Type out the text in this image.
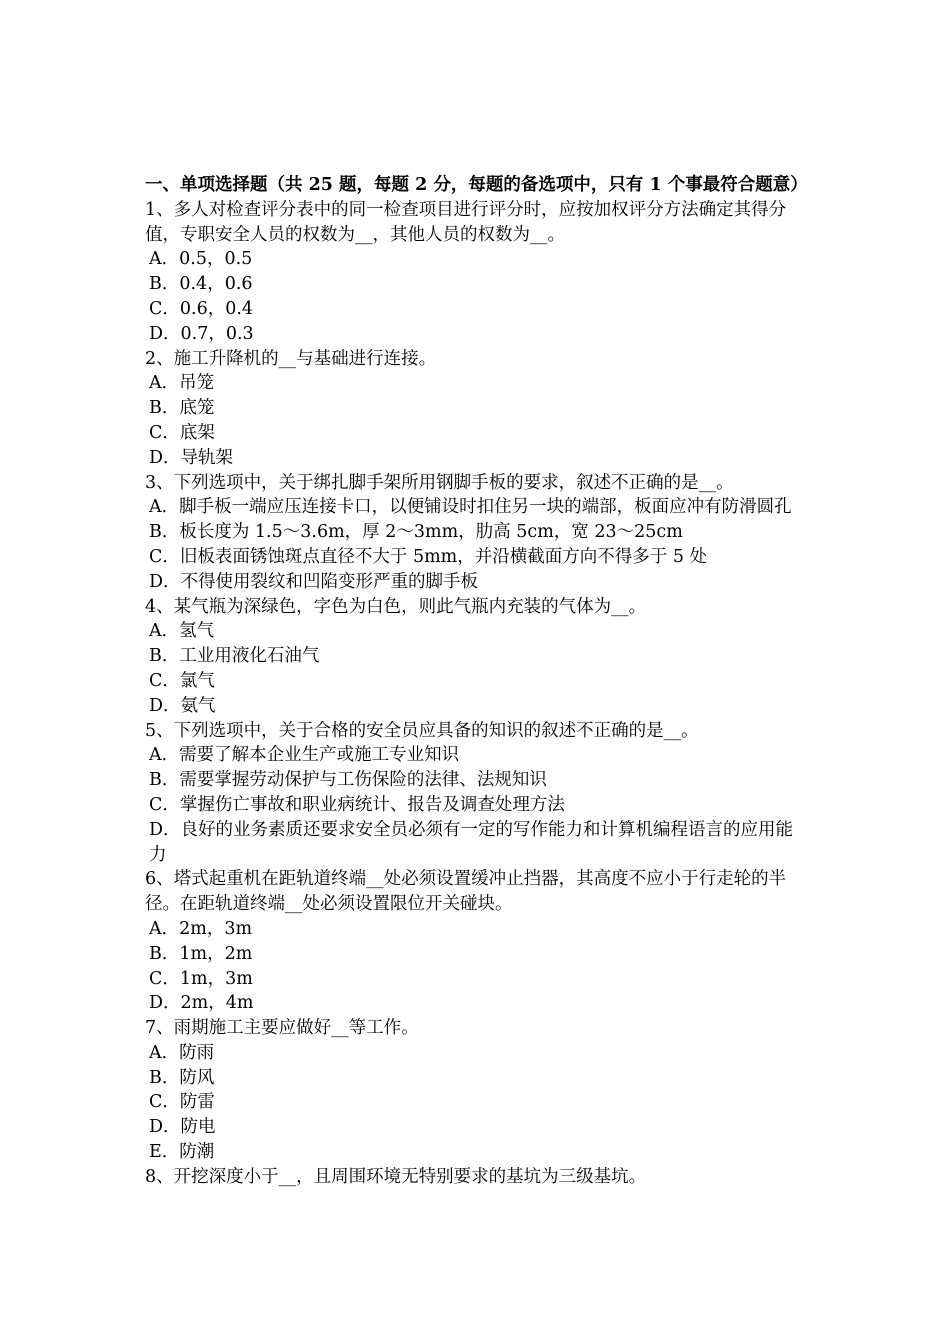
一、单项选择题（共 25 题，每题 2 分，每题的备选项中，只有 1 个事最符合题意）

1、多人对检查评分表中的同一检查项目进行评分时，应按加权评分方法确定其得分值，专职安全人员的权数为__，其他人员的权数为__。

A．0.5，0.5
B．0.4，0.6
C．0.6，0.4
D．0.7，0.3

2、施工升降机的__与基础进行连接。

A．吊笼
B．底笼
C．底架
D．导轨架

3、下列选项中，关于绑扎脚手架所用钢脚手板的要求，叙述不正确的是__。

A．脚手板一端应压连接卡口，以便铺设时扣住另一块的端部，板面应冲有防滑圆孔
B．板长度为 1.5～3.6m，厚 2～3mm，肋高 5cm，宽 23～25cm
C．旧板表面锈蚀斑点直径不大于 5mm，并沿横截面方向不得多于 5 处
D．不得使用裂纹和凹陷变形严重的脚手板

4、某气瓶为深绿色，字色为白色，则此气瓶内充装的气体为__。

A．氢气
B．工业用液化石油气
C．氯气
D．氨气

5、下列选项中，关于合格的安全员应具备的知识的叙述不正确的是__。

A．需要了解本企业生产或施工专业知识
B．需要掌握劳动保护与工伤保险的法律、法规知识
C．掌握伤亡事故和职业病统计、报告及调查处理方法
D．良好的业务素质还要求安全员必须有一定的写作能力和计算机编程语言的应用能力

6、塔式起重机在距轨道终端__处必须设置缓冲止挡器，其高度不应小于行走轮的半径。在距轨道终端__处必须设置限位开关碰块。

A．2m，3m
B．1m，2m
C．1m，3m
D．2m，4m

7、雨期施工主要应做好__等工作。

A．防雨
B．防风
C．防雷
D．防电
E．防潮

8、开挖深度小于__，且周围环境无特别要求的基坑为三级基坑。
